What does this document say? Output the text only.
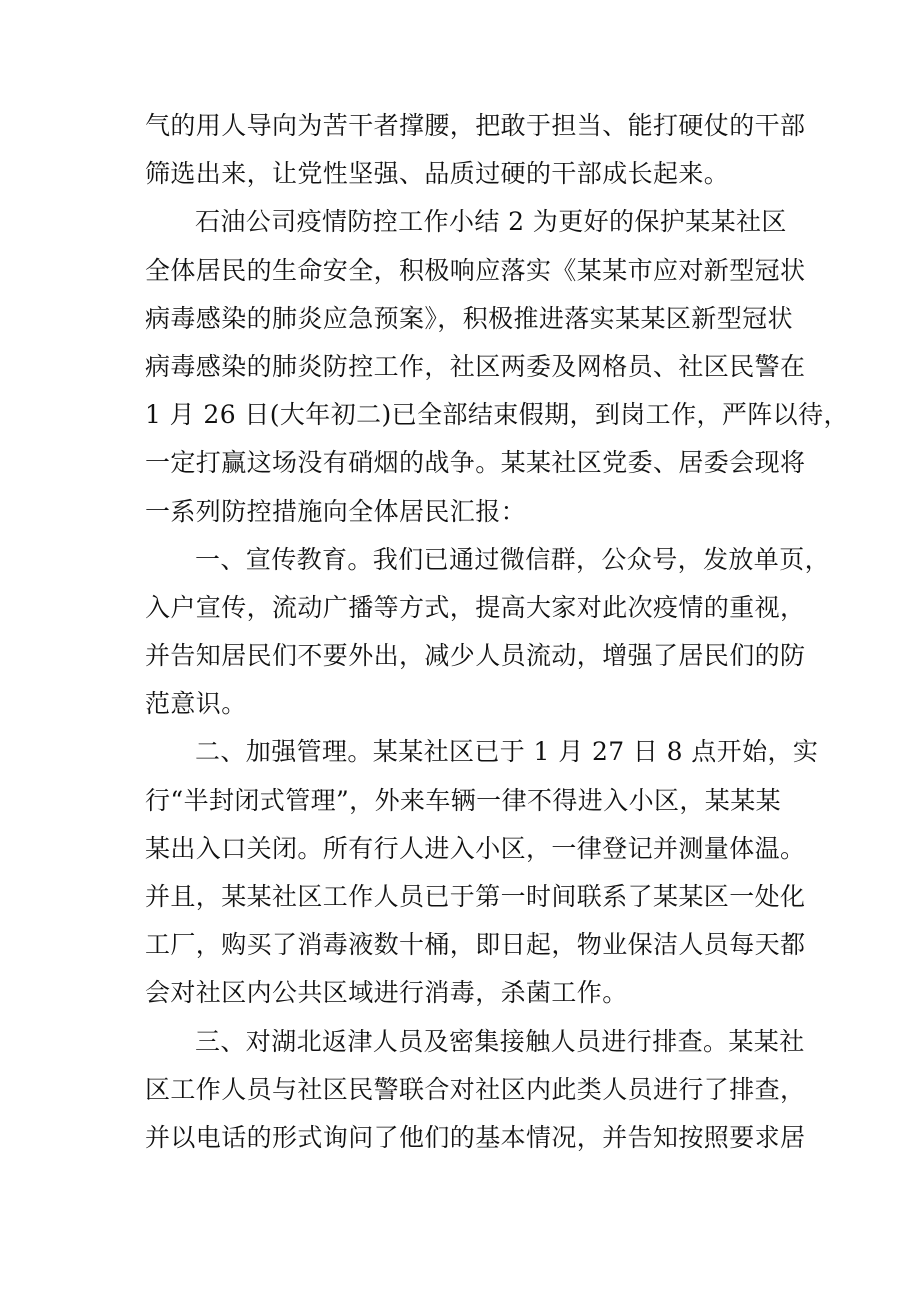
气的用人导向为苦干者撑腰，把敢于担当、能打硬仗的干部
筛选出来，让党性坚强、品质过硬的干部成长起来。
石油公司疫情防控工作小结 2 为更好的保护某某社区
全体居民的生命安全，积极响应落实《某某市应对新型冠状
病毒感染的肺炎应急预案》，积极推进落实某某区新型冠状
病毒感染的肺炎防控工作，社区两委及网格员、社区民警在
1 月 26 日(大年初二)已全部结束假期，到岗工作，严阵以待，
一定打赢这场没有硝烟的战争。某某社区党委、居委会现将
一系列防控措施向全体居民汇报：
一、宣传教育。我们已通过微信群，公众号，发放单页，
入户宣传，流动广播等方式，提高大家对此次疫情的重视，
并告知居民们不要外出，减少人员流动，增强了居民们的防
范意识。
二、加强管理。某某社区已于 1 月 27 日 8 点开始，实
行“半封闭式管理”，外来车辆一律不得进入小区，某某某
某出入口关闭。所有行人进入小区，一律登记并测量体温。
并且，某某社区工作人员已于第一时间联系了某某区一处化
工厂，购买了消毒液数十桶，即日起，物业保洁人员每天都
会对社区内公共区域进行消毒，杀菌工作。
三、对湖北返津人员及密集接触人员进行排查。某某社
区工作人员与社区民警联合对社区内此类人员进行了排查，
并以电话的形式询问了他们的基本情况，并告知按照要求居
